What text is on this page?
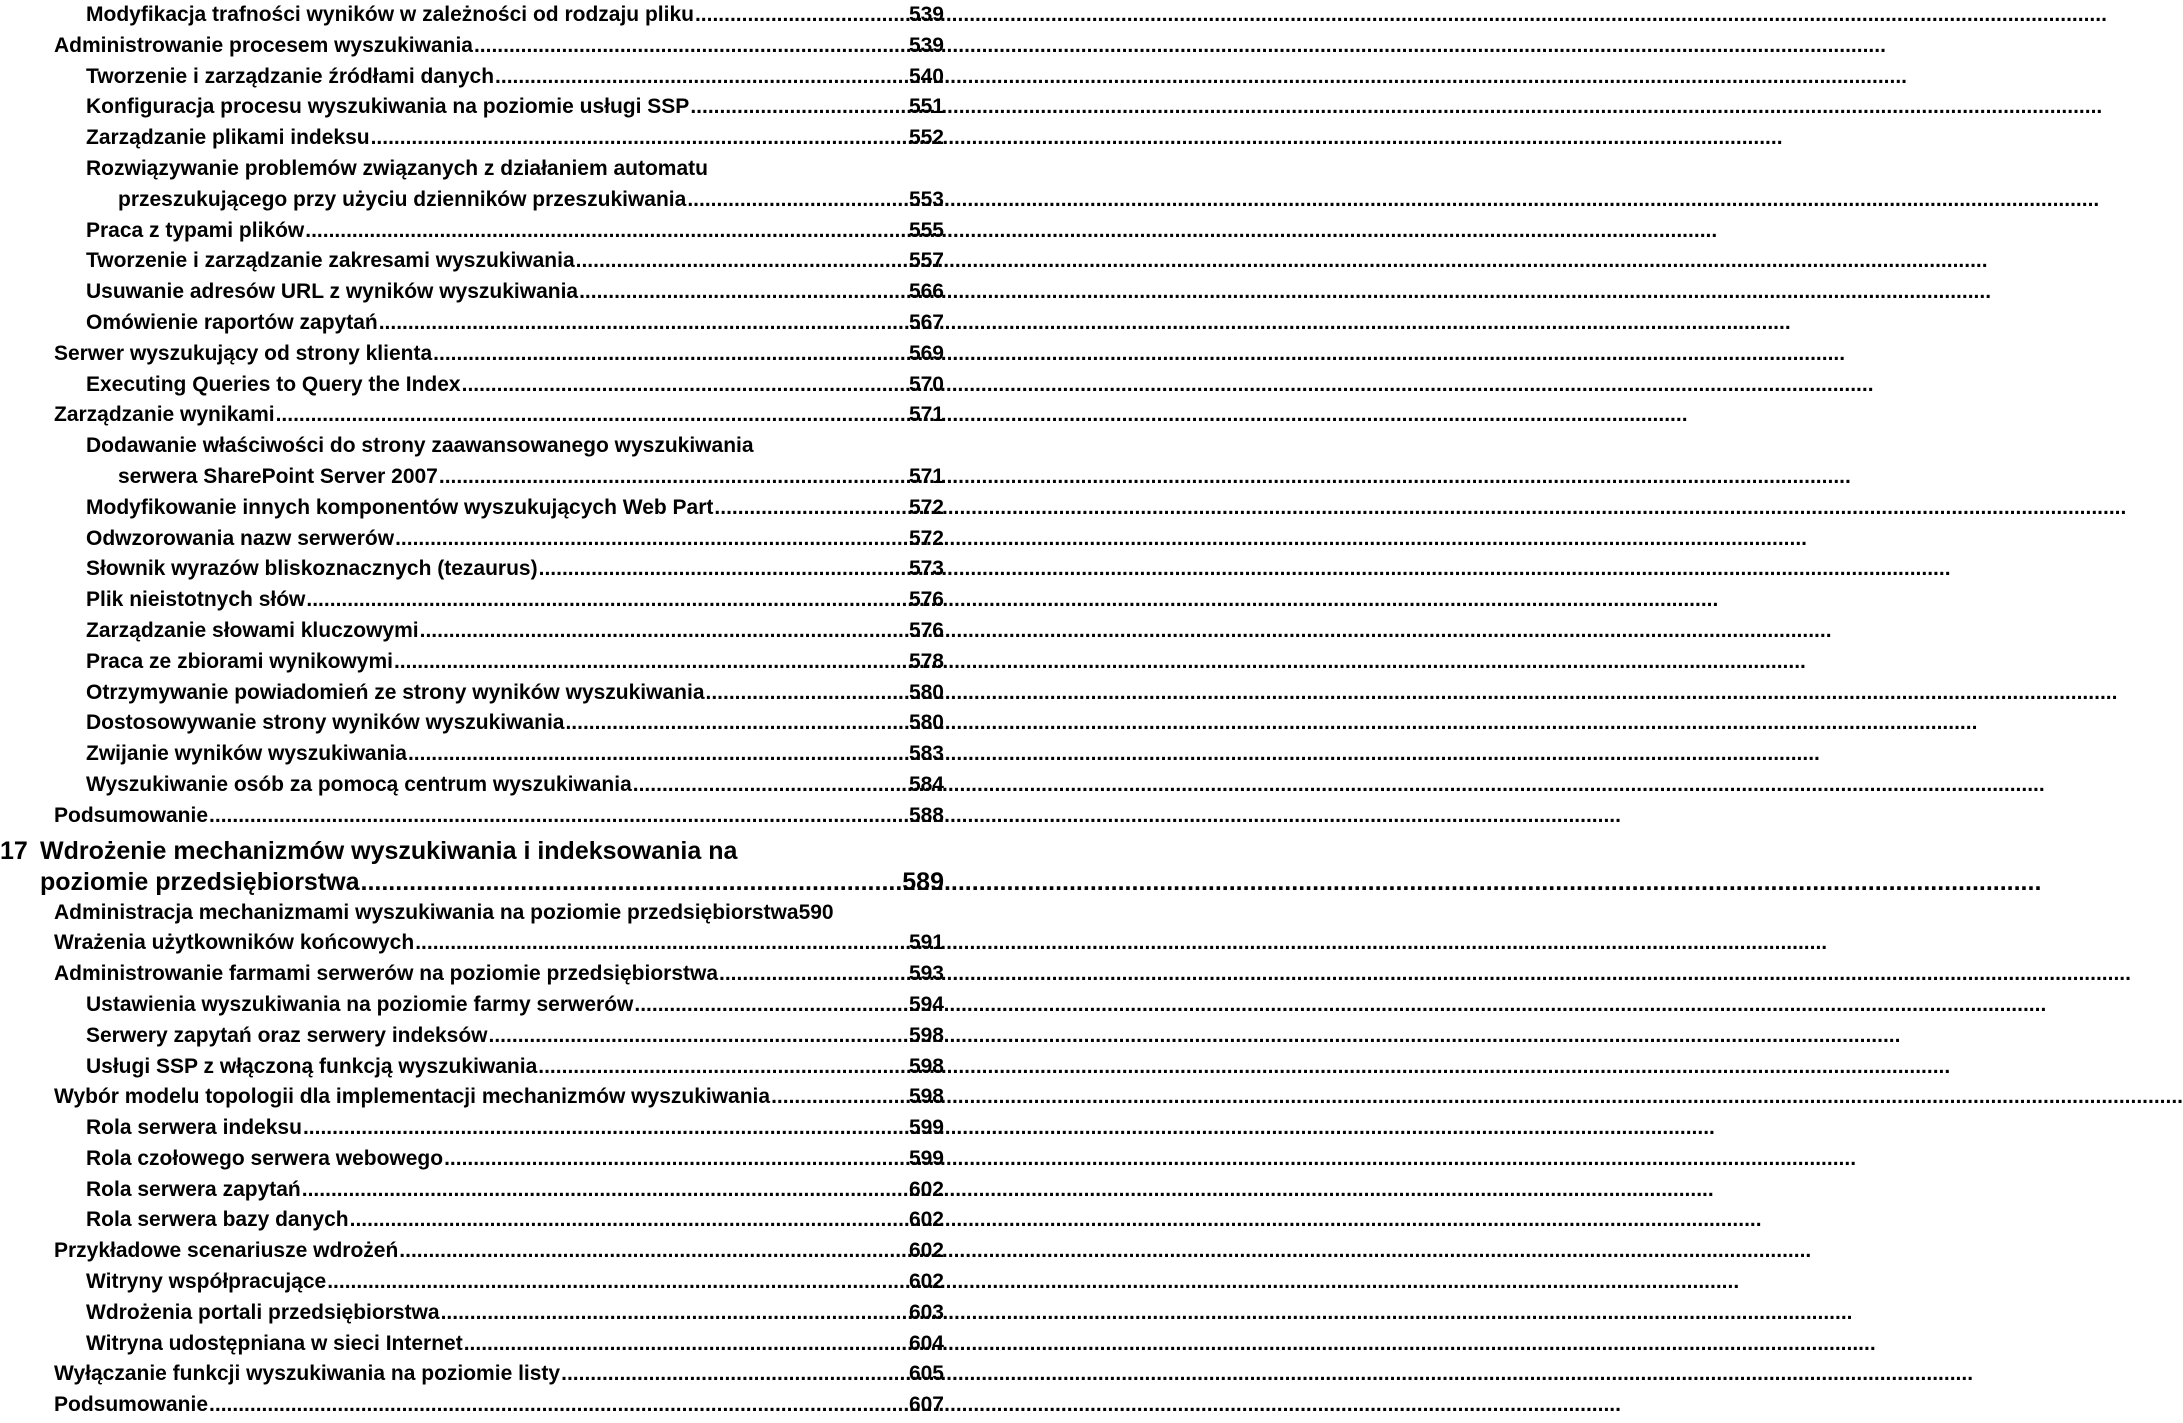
Modyfikacja trafności wyników w zależności od rodzaju pliku .....	539
Administrowanie procesem wyszukiwania .....	539
Tworzenie i zarządzanie źródłami danych .....	540
Konfiguracja procesu wyszukiwania na poziomie usługi SSP .....	551
Zarządzanie plikami indeksu .....	552
Rozwiązywanie problemów związanych z działaniem automatu
przeszukującego przy użyciu dzienników przeszukiwania .....	553
Praca z typami plików .....	555
Tworzenie i zarządzanie zakresami wyszukiwania .....	557
Usuwanie adresów URL z wyników wyszukiwania .....	566
Omówienie raportów zapytań .....	567
Serwer wyszukujący od strony klienta .....	569
Executing Queries to Query the Index .....	570
Zarządzanie wynikami .....	571
Dodawanie właściwości do strony zaawansowanego wyszukiwania
serwera SharePoint Server 2007 .....	571
Modyfikowanie innych komponentów wyszukujących Web Part .....	572
Odwzorowania nazw serwerów .....	572
Słownik wyrazów bliskoznacznych (tezaurus) .....	573
Plik nieistotnych słów .....	576
Zarządzanie słowami kluczowymi .....	576
Praca ze zbiorami wynikowymi .....	578
Otrzymywanie powiadomień ze strony wyników wyszukiwania .....	580
Dostosowywanie strony wyników wyszukiwania .....	580
Zwijanie wyników wyszukiwania .....	583
Wyszukiwanie osób za pomocą centrum wyszukiwania .....	584
Podsumowanie .....	588
17 Wdrożenie mechanizmów wyszukiwania i indeksowania na
poziomie przedsiębiorstwa .....	589
Administracja mechanizmami wyszukiwania na poziomie przedsiębiorstwa 590
Wrażenia użytkowników końcowych .....	591
Administrowanie farmami serwerów na poziomie przedsiębiorstwa .....	593
Ustawienia wyszukiwania na poziomie farmy serwerów .....	594
Serwery zapytań oraz serwery indeksów .....	598
Usługi SSP z włączoną funkcją wyszukiwania .....	598
Wybór modelu topologii dla implementacji mechanizmów wyszukiwania .....	598
Rola serwera indeksu .....	599
Rola czołowego serwera webowego .....	599
Rola serwera zapytań .....	602
Rola serwera bazy danych .....	602
Przykładowe scenariusze wdrożeń .....	602
Witryny współpracujące .....	602
Wdrożenia portali przedsiębiorstwa .....	603
Witryna udostępniana w sieci Internet .....	604
Wyłączanie funkcji wyszukiwania na poziomie listy .....	605
Podsumowanie .....	607
